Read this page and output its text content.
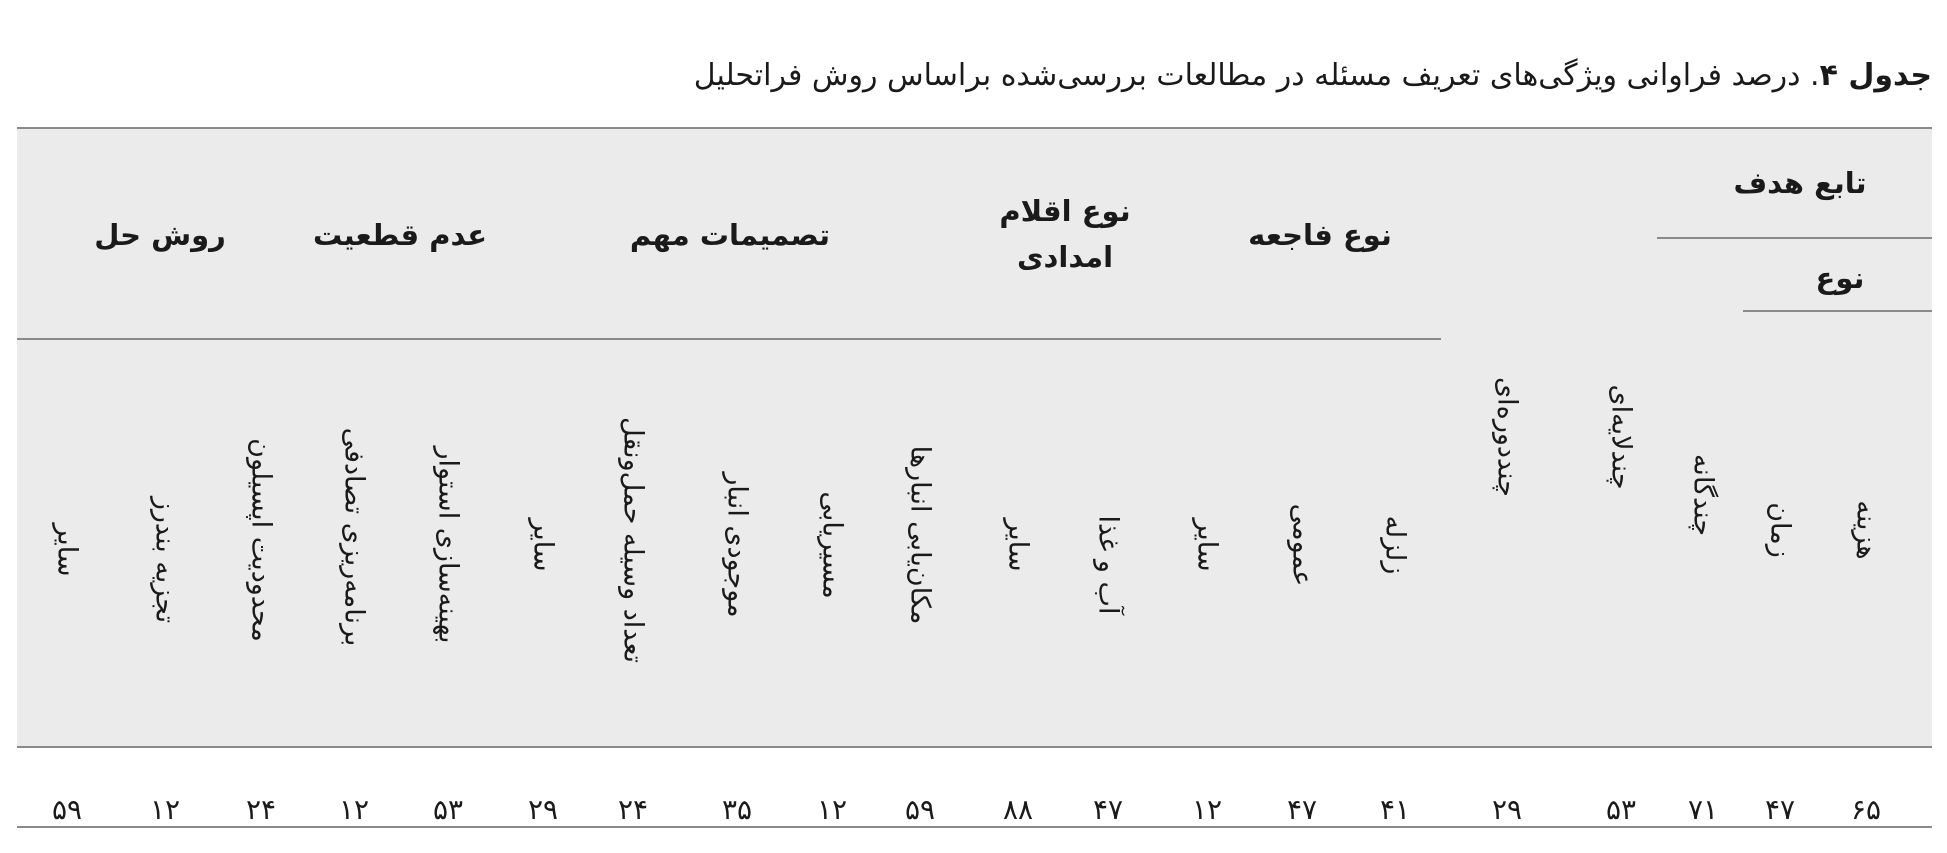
جدول ۴. درصد فراوانی ویژگی‌های تعریف مسئله در مطالعات بررسی‌شده براساس روش فراتحلیل
تابع هدف
نوع
نوع فاجعه
نوع اقلام امدادی
تصمیمات مهم
عدم قطعیت
روش حل
هزینه
زمان
چندگانه
چندلایه‌ای
چنددوره‌ای
زلزله
عمومی
سایر
آب و غذا
سایر
مکان‌یابی انبارها
مسیریابی
موجودی انبار
تعداد وسیله حمل‌ونقل
سایر
بهینه‌سازی استوار
برنامه‌ریزی تصادفی
محدودیت اپسیلون
تجزیه بندرز
سایر
۶۵
۴۷
۷۱
۵۳
۲۹
۴۱
۴۷
۱۲
۴۷
۸۸
۵۹
۱۲
۳۵
۲۴
۲۹
۵۳
۱۲
۲۴
۱۲
۵۹
